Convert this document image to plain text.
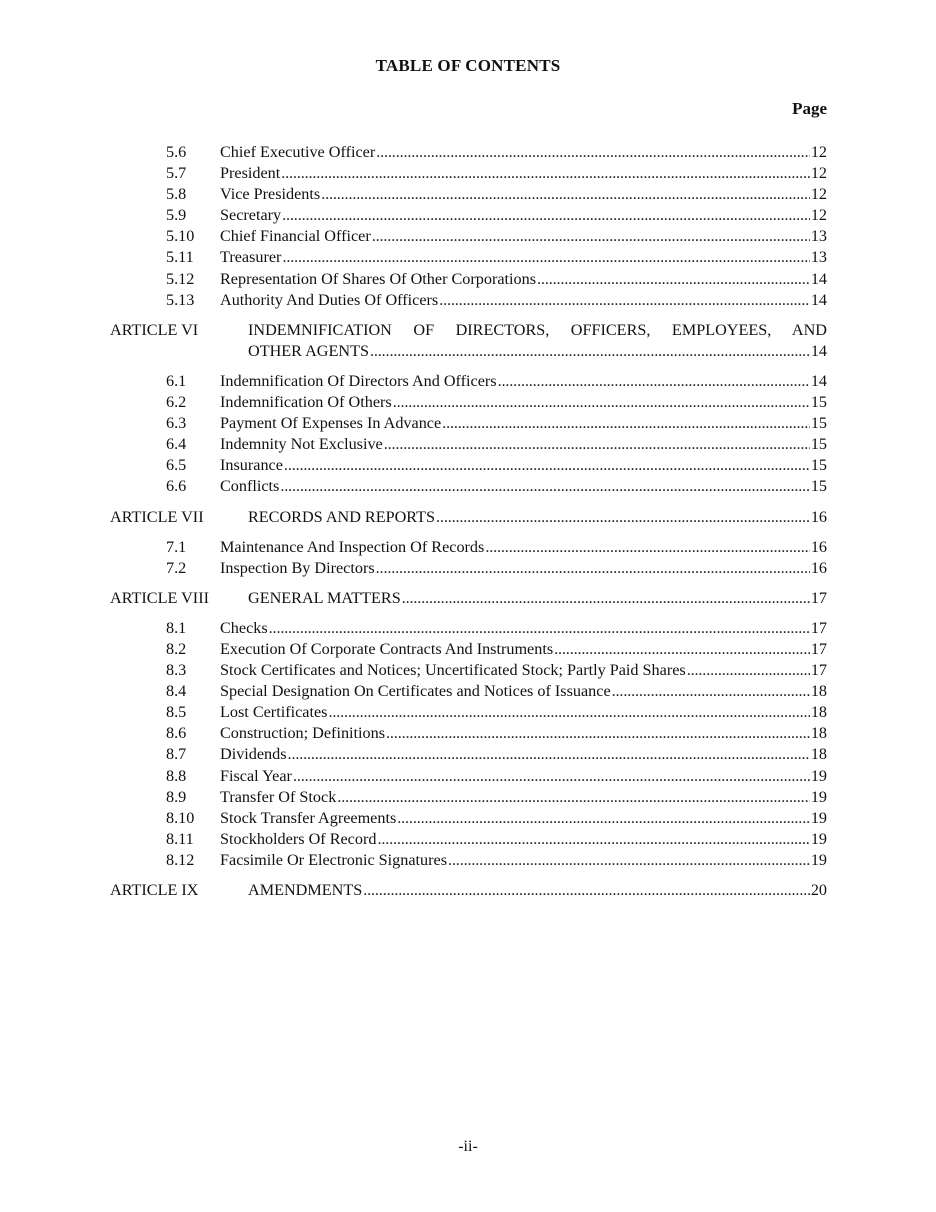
TABLE OF CONTENTS
Page
5.6 Chief Executive Officer . . .	12
5.7 President . . .	12
5.8 Vice Presidents . . .	12
5.9 Secretary . . .	12
5.10 Chief Financial Officer . . .	13
5.11 Treasurer . . .	13
5.12 Representation Of Shares Of Other Corporations . . .	14
5.13 Authority And Duties Of Officers . . .	14
ARTICLE VI	INDEMNIFICATION OF DIRECTORS, OFFICERS, EMPLOYEES, AND
OTHER AGENTS . . .	14
6.1 Indemnification Of Directors And Officers . . .	14
6.2 Indemnification Of Others . . .	15
6.3 Payment Of Expenses In Advance . . .	15
6.4 Indemnity Not Exclusive . . .	15
6.5 Insurance . . .	15
6.6 Conflicts . . .	15
ARTICLE VII	RECORDS AND REPORTS . . .	16
7.1 Maintenance And Inspection Of Records . . .	16
7.2 Inspection By Directors . . .	16
ARTICLE VIII GENERAL MATTERS . . .	17
8.1 Checks . . .	17
8.2 Execution Of Corporate Contracts And Instruments . . .	17
8.3 Stock Certificates and Notices; Uncertificated Stock; Partly Paid Shares . . .	17
8.4 Special Designation On Certificates and Notices of Issuance . . .	18
8.5 Lost Certificates . . .	18
8.6 Construction; Definitions . . .	18
8.7 Dividends . . .	18
8.8 Fiscal Year . . .	19
8.9 Transfer Of Stock . . .	19
8.10 Stock Transfer Agreements . . .	19
8.11 Stockholders Of Record . . .	19
8.12 Facsimile Or Electronic Signatures . . .	19
ARTICLE IX	AMENDMENTS . . .	20
-ii-
